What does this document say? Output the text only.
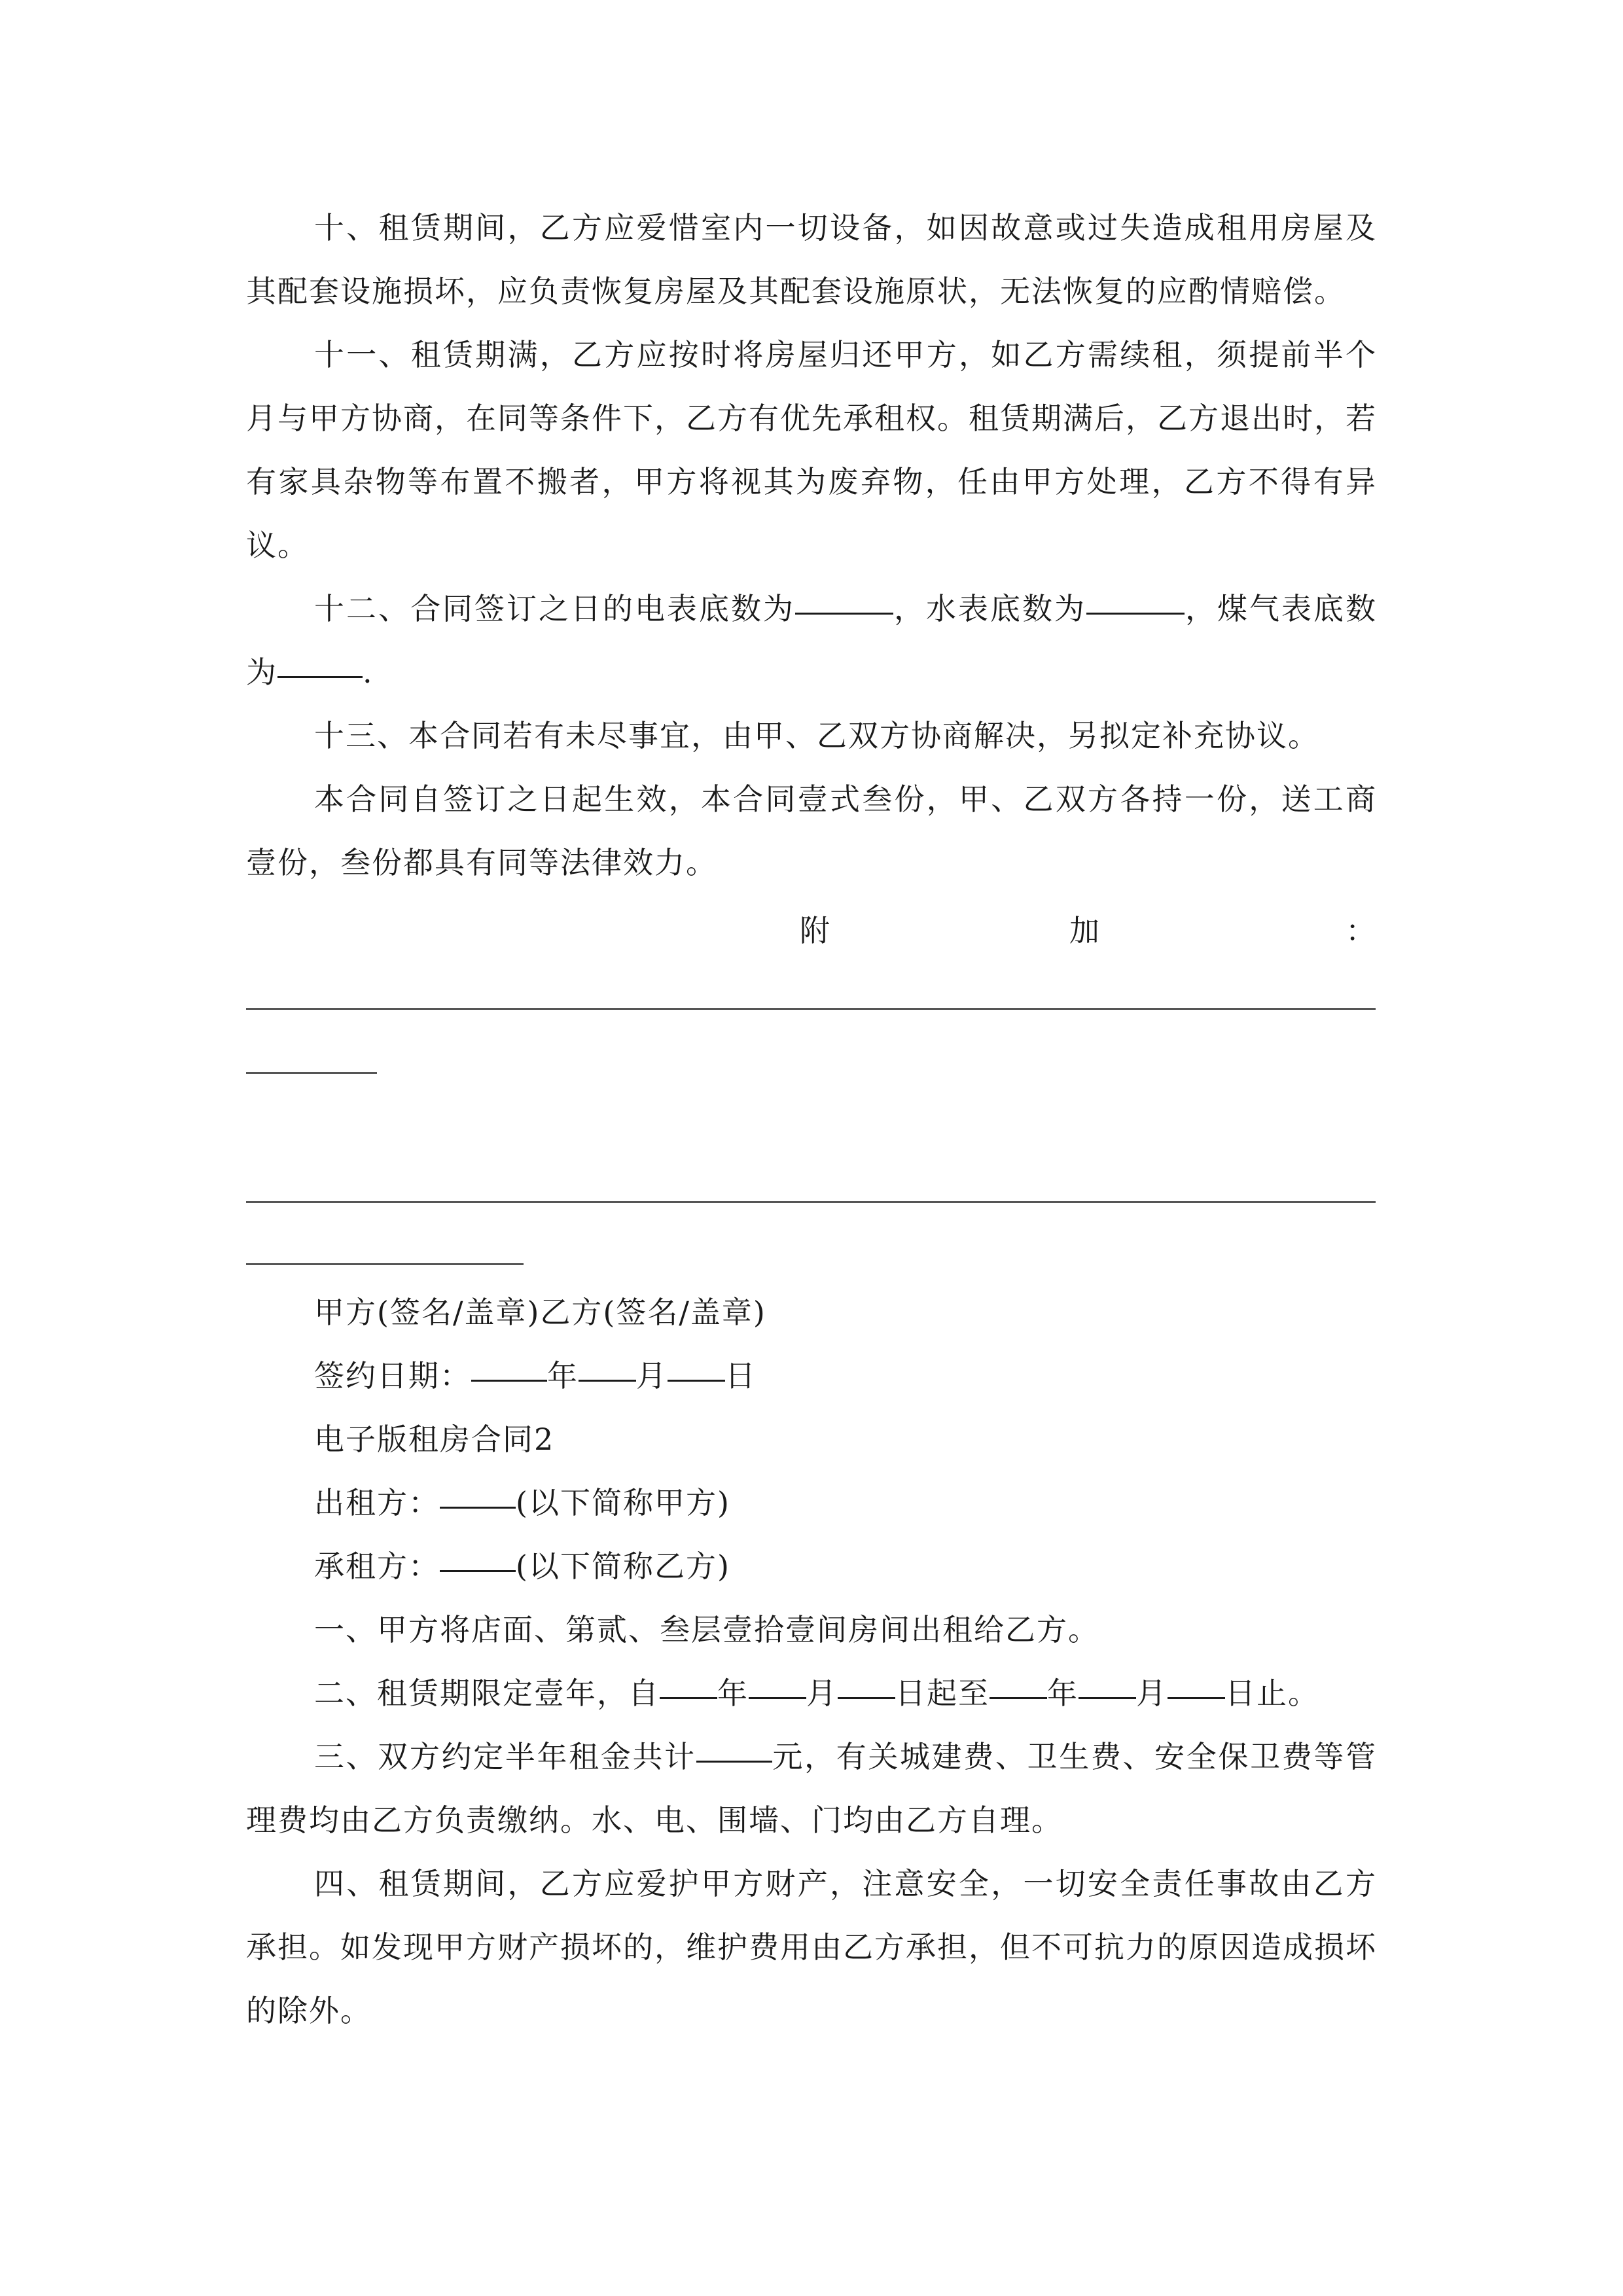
十、租赁期间，乙方应爱惜室内一切设备，如因故意或过失造成租用房屋及其配套设施损坏，应负责恢复房屋及其配套设施原状，无法恢复的应酌情赔偿。

十一、租赁期满，乙方应按时将房屋归还甲方，如乙方需续租，须提前半个月与甲方协商，在同等条件下，乙方有优先承租权。租赁期满后，乙方退出时，若有家具杂物等布置不搬者，甲方将视其为废弃物，任由甲方处理，乙方不得有异议。

十二、合同签订之日的电表底数为	，水表底数为	，煤气表底数为	.

十三、本合同若有未尽事宜，由甲、乙双方协商解决，另拟定补充协议。

本合同自签订之日起生效，本合同壹式叁份，甲、乙双方各持一份，送工商壹份，叁份都具有同等法律效力。

附	加	：

甲方(签名/盖章)乙方(签名/盖章)

签约日期：	年 月 日

电子版租房合同2

出租方：	(以下简称甲方)

承租方：	(以下简称乙方)

一、甲方将店面、第贰、叁层壹拾壹间房间出租给乙方。

二、租赁期限定壹年，自 年 月 日起至 年 月 日止。

三、双方约定半年租金共计	元，有关城建费、卫生费、安全保卫费等管理费均由乙方负责缴纳。水、电、围墙、门均由乙方自理。

四、租赁期间，乙方应爱护甲方财产，注意安全，一切安全责任事故由乙方承担。如发现甲方财产损坏的，维护费用由乙方承担，但不可抗力的原因造成损坏的除外。
